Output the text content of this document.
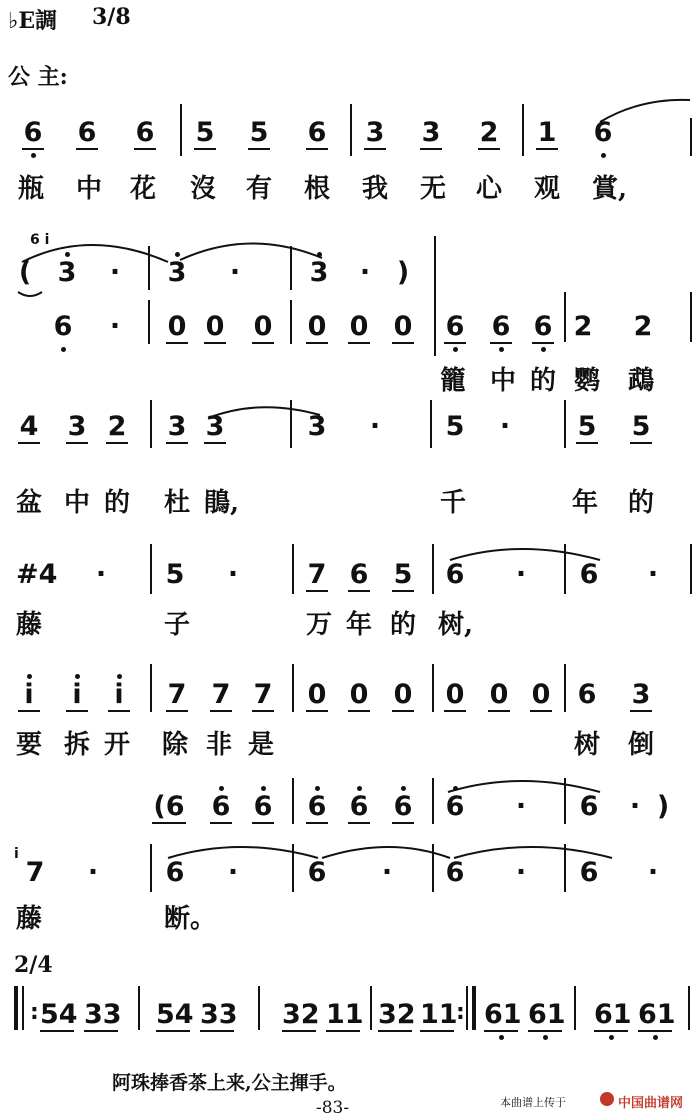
♭E調 3/8
公 主:
6 6 6 5 5 6 3 3 2 1 6
瓶 中 花 沒 有 根 我 无 心 观 賞,
6 i
( 3 · 3 ·	3 · )
6 · 0 0 0 0 0 0 6 6 6 2 2
籠 中 的 鹦 鵡
4 3 2 3 3	3 · 5 · 5 5
盆 中 的 杜 鵑,	千	年 的
#4 · 5 ·	7 6 5 6 · 6 ·
藤	子	万 年 的 树,
i i i 7 7 7 0 0 0 0 0 0 6 3
要 拆 开 除 非 是	树 倒
(6 6 6 6 6 6 6 · 6 · )
i
7 · 6 ·	6 · 6 · 6 ·
藤	断。
2/4
: 54 33 54 33 32 11 32 11
: 61 61 61 61
阿珠捧香茶上来,公主揮手。
-83-	本曲谱上传于	中国曲谱网
